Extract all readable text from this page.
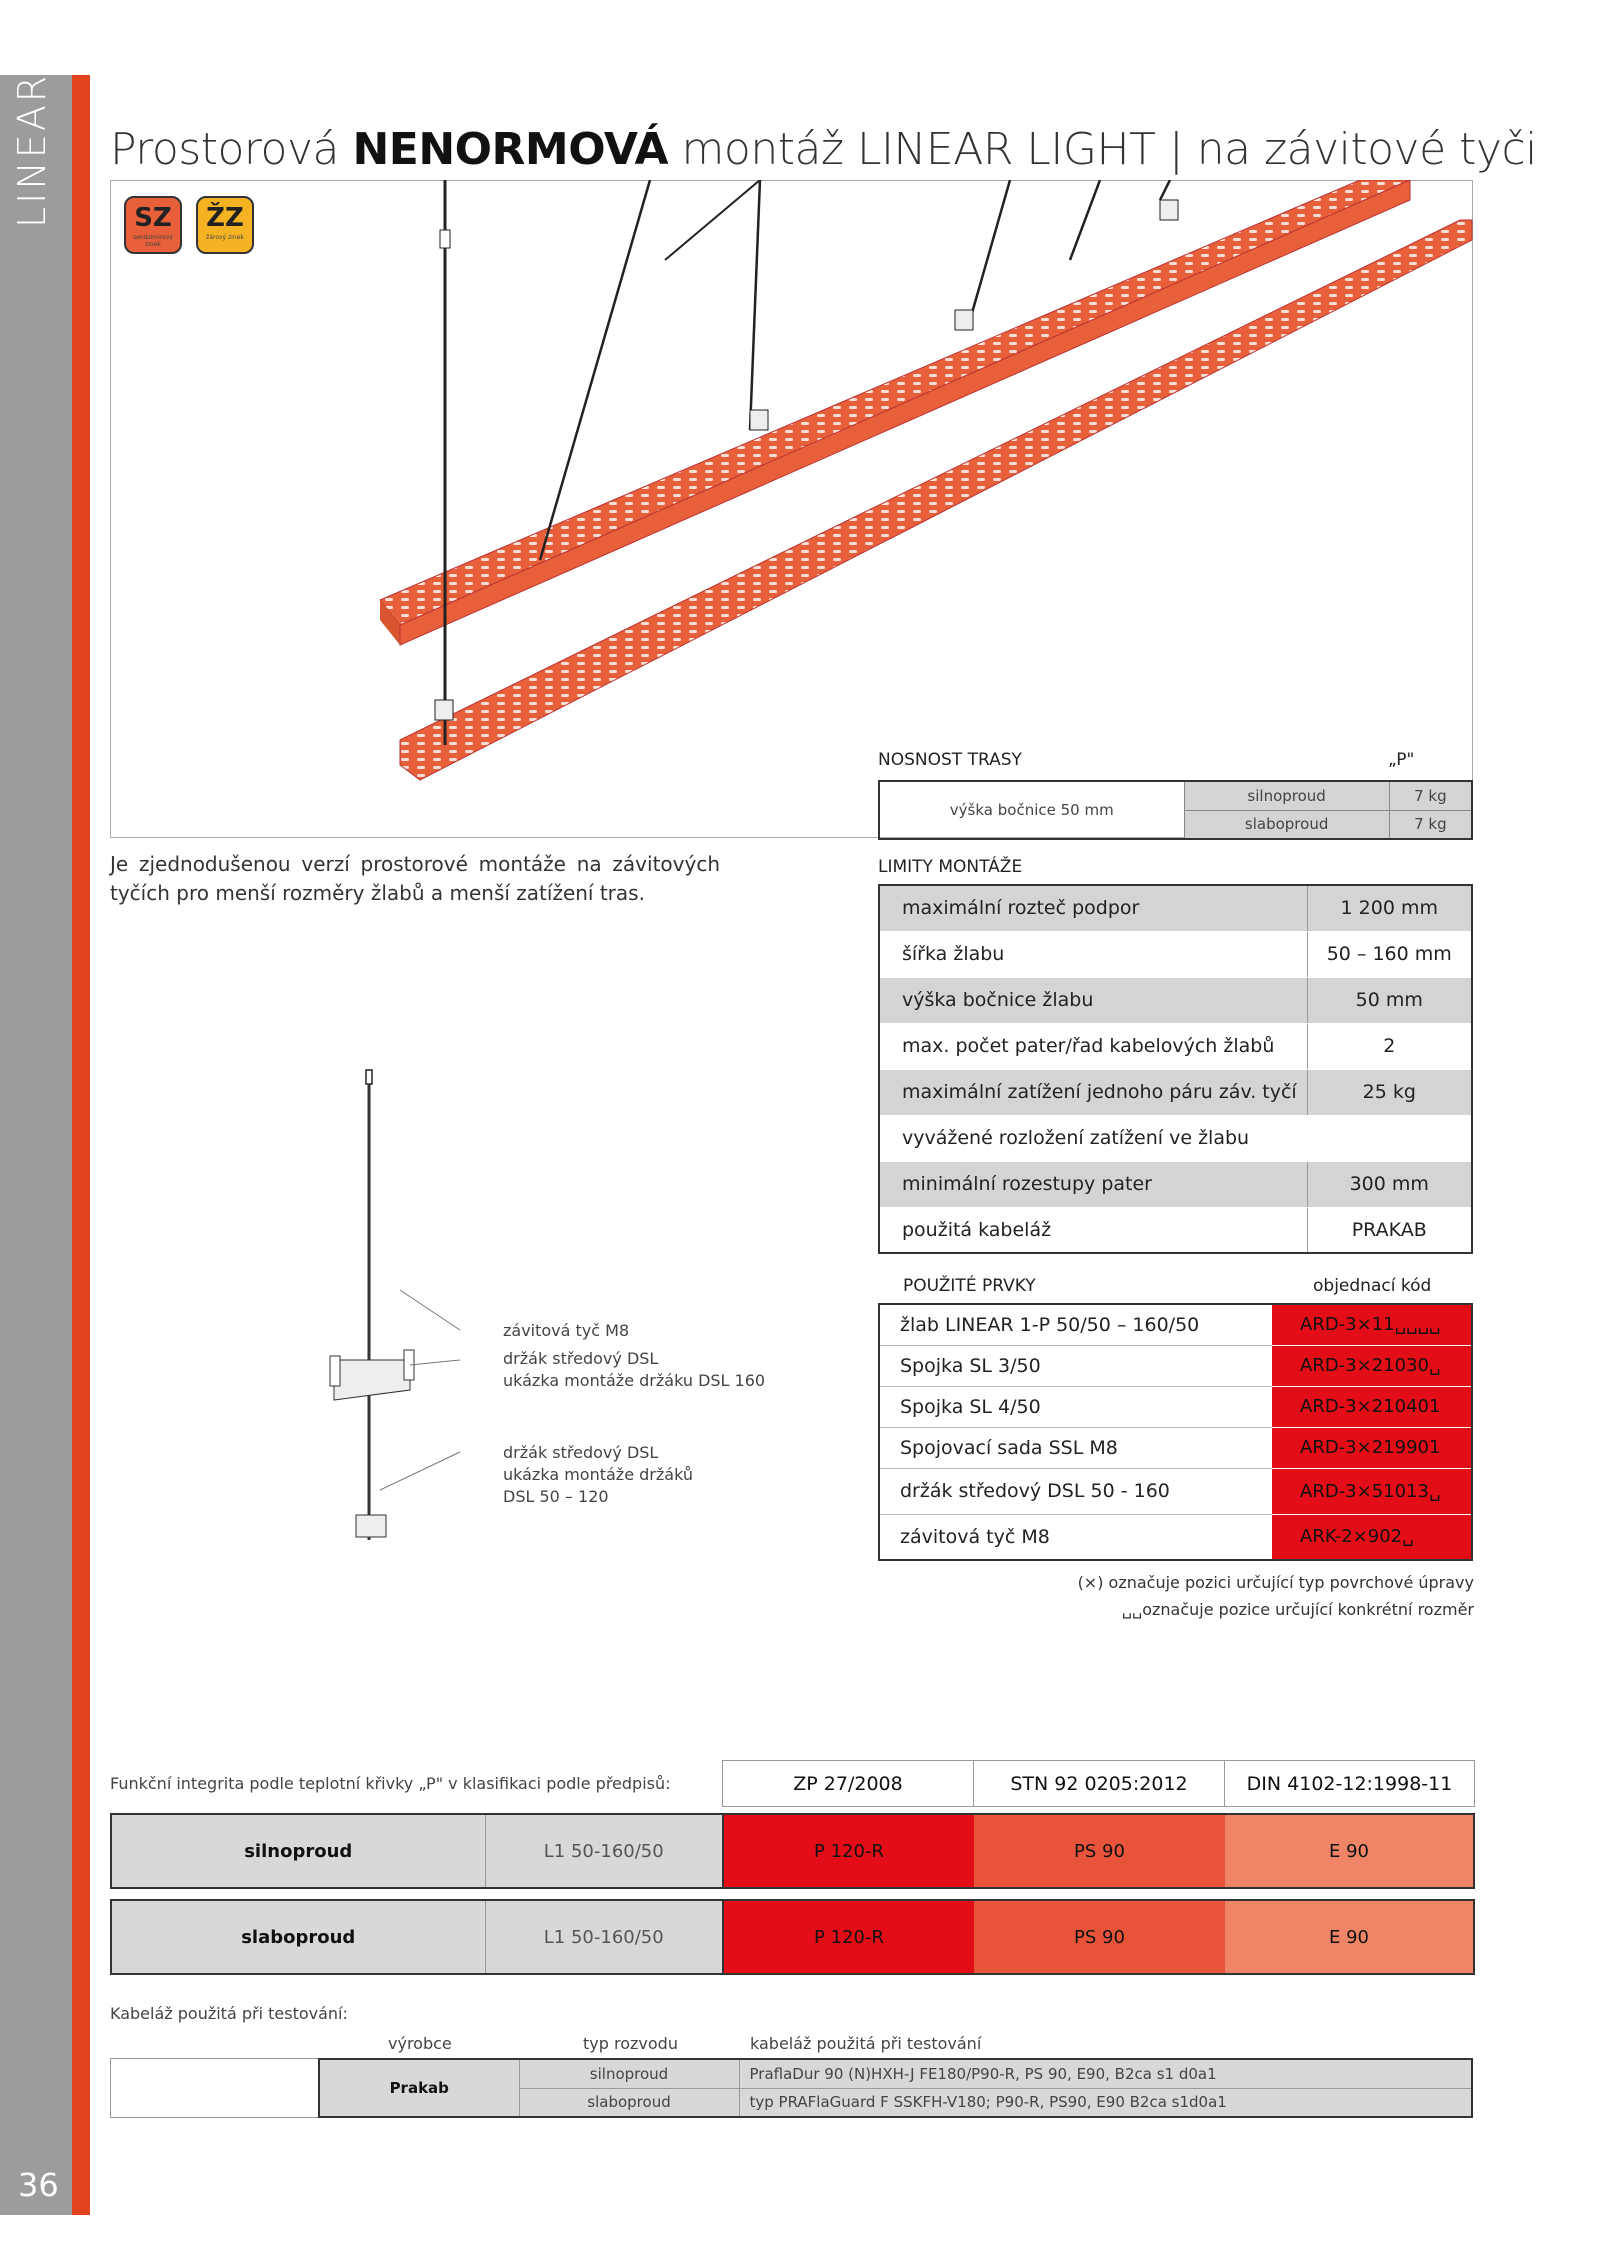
LINEAR
36
Prostorová NENORMOVÁ montáž LINEAR LIGHT | na závitové tyči
SZ
sendzimirový zinek
ŽZ
žárový zinek
NOSNOST TRASY	„P"
výška bočnice 50 mm	silnoproud	7 kg
	slaboproud	7 kg
Je zjednodušenou verzí prostorové montáže na závitových tyčích pro menší rozměry žlabů a menší zatížení tras.
LIMITY MONTÁŽE
maximální rozteč podpor	1 200 mm
šířka žlabu	50 – 160 mm
výška bočnice žlabu	50 mm
max. počet pater/řad kabelových žlabů	2
maximální zatížení jednoho páru záv. tyčí	25 kg
vyvážené rozložení zatížení ve žlabu	
minimální rozestupy pater	300 mm
použitá kabeláž	PRAKAB
závitová tyč M8
držák středový DSL
ukázka montáže držáku DSL 160
držák středový DSL
ukázka montáže držáků
DSL 50 – 120
POUŽITÉ PRVKY	objednací kód
žlab LINEAR 1-P 50/50 – 160/50	ARD-3×11␣␣␣␣
Spojka SL 3/50	ARD-3×21030␣
Spojka SL 4/50	ARD-3×210401
Spojovací sada SSL M8	ARD-3×219901
držák středový DSL 50 - 160	ARD-3×51013␣
závitová tyč M8	ARK-2×902␣
(×) označuje pozici určující typ povrchové úpravy
␣␣označuje pozice určující konkrétní rozměr
Funkční integrita podle teplotní křivky „P" v klasifikaci podle předpisů:	ZP 27/2008	STN 92 0205:2012	DIN 4102-12:1998-11
silnoproud	L1 50-160/50	P 120-R	PS 90	E 90
slaboproud	L1 50-160/50	P 120-R	PS 90	E 90
Kabeláž použitá při testování:
výrobce	typ rozvodu	kabeláž použitá při testování
Prakab	silnoproud	PraflaDur 90 (N)HXH-J FE180/P90-R, PS 90, E90, B2ca s1 d0a1
	slaboproud	typ PRAFlaGuard F SSKFH-V180; P90-R, PS90, E90 B2ca s1d0a1
